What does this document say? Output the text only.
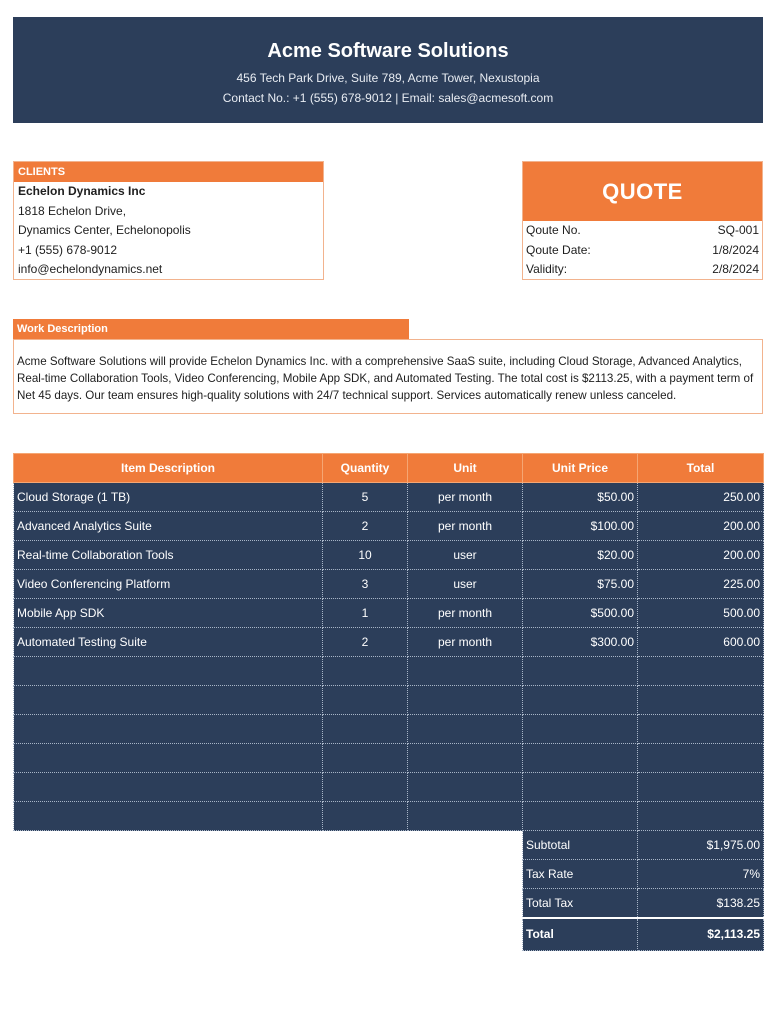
Acme Software Solutions
456 Tech Park Drive, Suite 789, Acme Tower, Nexustopia
Contact No.: +1 (555) 678-9012 | Email: sales@acmesoft.com
CLIENTS
Echelon Dynamics Inc
1818 Echelon Drive,
Dynamics Center, Echelonopolis
+1 (555) 678-9012
info@echelondynamics.net
QUOTE
Qoute No.	SQ-001
Qoute Date:	1/8/2024
Validity:	2/8/2024
Work Description
Acme Software Solutions will provide Echelon Dynamics Inc. with a comprehensive SaaS suite, including Cloud Storage, Advanced Analytics, Real-time Collaboration Tools, Video Conferencing, Mobile App SDK, and Automated Testing. The total cost is $2113.25, with a payment term of Net 45 days. Our team ensures high-quality solutions with 24/7 technical support. Services automatically renew unless canceled.
Item Description	Quantity	Unit	Unit Price	Total
Cloud Storage (1 TB)	5	per month	$50.00	250.00
Advanced Analytics Suite	2	per month	$100.00	200.00
Real-time Collaboration Tools	10	user	$20.00	200.00
Video Conferencing Platform	3	user	$75.00	225.00
Mobile App SDK	1	per month	$500.00	500.00
Automated Testing Suite	2	per month	$300.00	600.00

Subtotal	$1,975.00
Tax Rate	7%
Total Tax	$138.25
Total	$2,113.25
